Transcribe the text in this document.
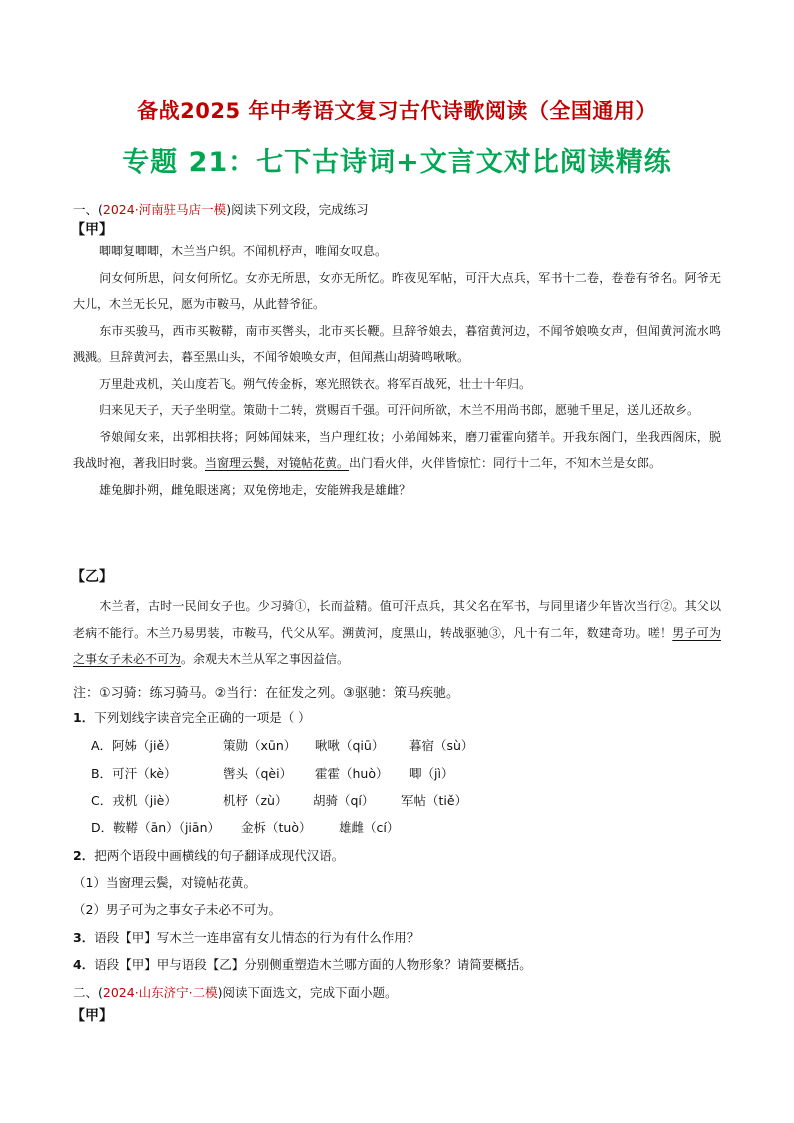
备战2025 年中考语文复习古代诗歌阅读（全国通用）
专题 21：七下古诗词+文言文对比阅读精练
一、(2024·河南驻马店一模)阅读下列文段，完成练习
【甲】
唧唧复唧唧，木兰当户织。不闻机杼声，唯闻女叹息。
问女何所思，问女何所忆。女亦无所思，女亦无所忆。昨夜见军帖，可汗大点兵，军书十二卷，卷卷有爷名。阿爷无大儿，木兰无长兄，愿为市鞍马，从此替爷征。
东市买骏马，西市买鞍鞯，南市买辔头，北市买长鞭。旦辞爷娘去，暮宿黄河边，不闻爷娘唤女声，但闻黄河流水鸣溅溅。旦辞黄河去，暮至黑山头，不闻爷娘唤女声，但闻燕山胡骑鸣啾啾。
万里赴戎机，关山度若飞。朔气传金柝，寒光照铁衣。将军百战死，壮士十年归。
归来见天子，天子坐明堂。策勋十二转，赏赐百千强。可汗问所欲，木兰不用尚书郎，愿驰千里足，送儿还故乡。
爷娘闻女来，出郭相扶将；阿姊闻妹来，当户理红妆；小弟闻姊来，磨刀霍霍向猪羊。开我东阁门，坐我西阁床，脱我战时袍，著我旧时裳。当窗理云鬓，对镜帖花黄。出门看火伴，火伴皆惊忙：同行十二年，不知木兰是女郎。
雄兔脚扑朔，雌兔眼迷离；双兔傍地走，安能辨我是雄雌？
【乙】
木兰者，古时一民间女子也。少习骑①，长而益精。值可汗点兵，其父名在军书，与同里诸少年皆次当行②。其父以老病不能行。木兰乃易男装，市鞍马，代父从军。溯黄河，度黑山，转战驱驰③，凡十有二年，数建奇功。嗟！男子可为之事女子未必不可为。余观夫木兰从军之事因益信。
注：①习骑：练习骑马。②当行：在征发之列。③驱驰：策马疾驰。
1．下列划线字读音完全正确的一项是（ ）
A．阿姊（jiě）	策勋（xūn） 啾啾（qiū） 暮宿（sù）
B．可汗（kè）	辔头（qèi） 霍霍（huò） 唧（jì）
C．戎机（jiè）	机杼（zù） 胡骑（qí） 军帖（tiě）
D．鞍鞯（ān）（jiān） 金柝（tuò） 雄雌（cí）
2．把两个语段中画横线的句子翻译成现代汉语。
（1）当窗理云鬓，对镜帖花黄。
（2）男子可为之事女子未必不可为。
3．语段【甲】写木兰一连串富有女儿情态的行为有什么作用？
4．语段【甲】甲与语段【乙】分别侧重塑造木兰哪方面的人物形象？请简要概括。
二、(2024·山东济宁·二模)阅读下面选文，完成下面小题。
【甲】
